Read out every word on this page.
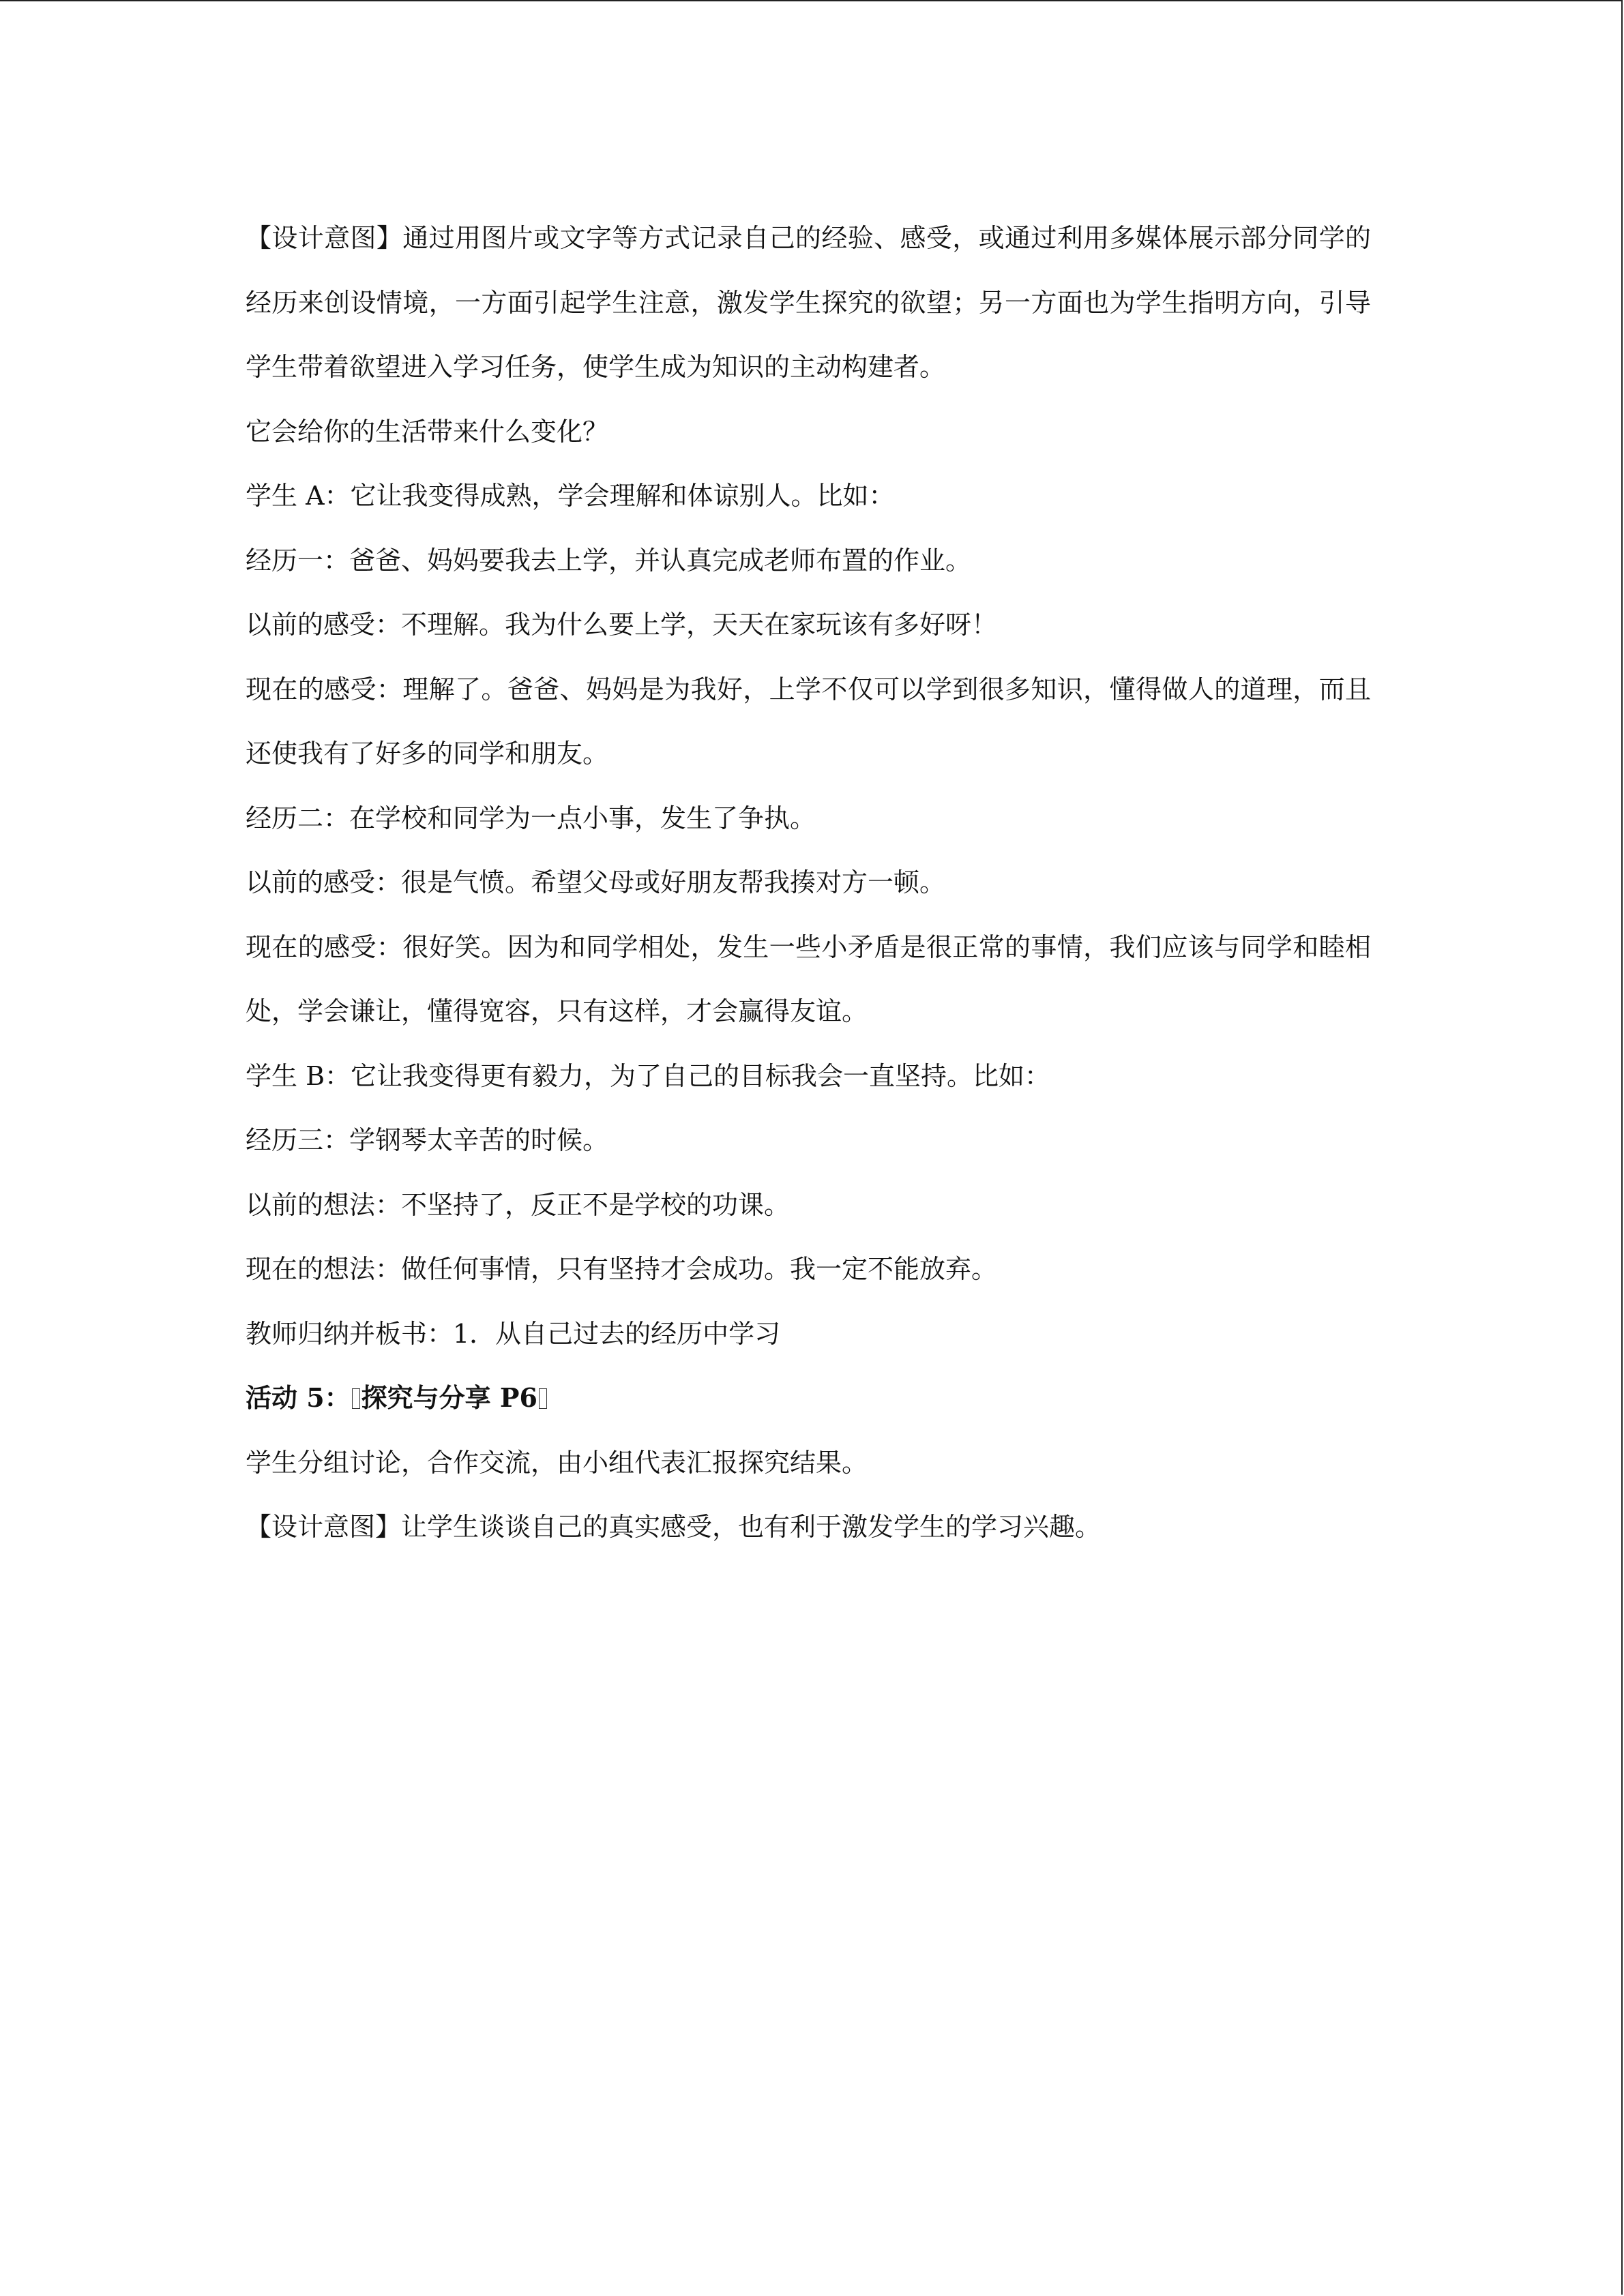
【设计意图】通过用图片或文字等方式记录自己的经验、感受，或通过利用多媒体展示部分同学的经历来创设情境，一方面引起学生注意，激发学生探究的欲望；另一方面也为学生指明方向，引导学生带着欲望进入学习任务，使学生成为知识的主动构建者。

它会给你的生活带来什么变化？

学生 A：它让我变得成熟，学会理解和体谅别人。比如：

经历一：爸爸、妈妈要我去上学，并认真完成老师布置的作业。

以前的感受：不理解。我为什么要上学，天天在家玩该有多好呀！

现在的感受：理解了。爸爸、妈妈是为我好，上学不仅可以学到很多知识，懂得做人的道理，而且还使我有了好多的同学和朋友。

经历二：在学校和同学为一点小事，发生了争执。

以前的感受：很是气愤。希望父母或好朋友帮我揍对方一顿。

现在的感受：很好笑。因为和同学相处，发生一些小矛盾是很正常的事情，我们应该与同学和睦相处，学会谦让，懂得宽容，只有这样，才会赢得友谊。

学生 B：它让我变得更有毅力，为了自己的目标我会一直坚持。比如：

经历三：学钢琴太辛苦的时候。

以前的想法：不坚持了，反正不是学校的功课。

现在的想法：做任何事情，只有坚持才会成功。我一定不能放弃。

教师归纳并板书：1．从自己过去的经历中学习

活动 5： 探究与分享 P6

学生分组讨论，合作交流，由小组代表汇报探究结果。

【设计意图】让学生谈谈自己的真实感受，也有利于激发学生的学习兴趣。
